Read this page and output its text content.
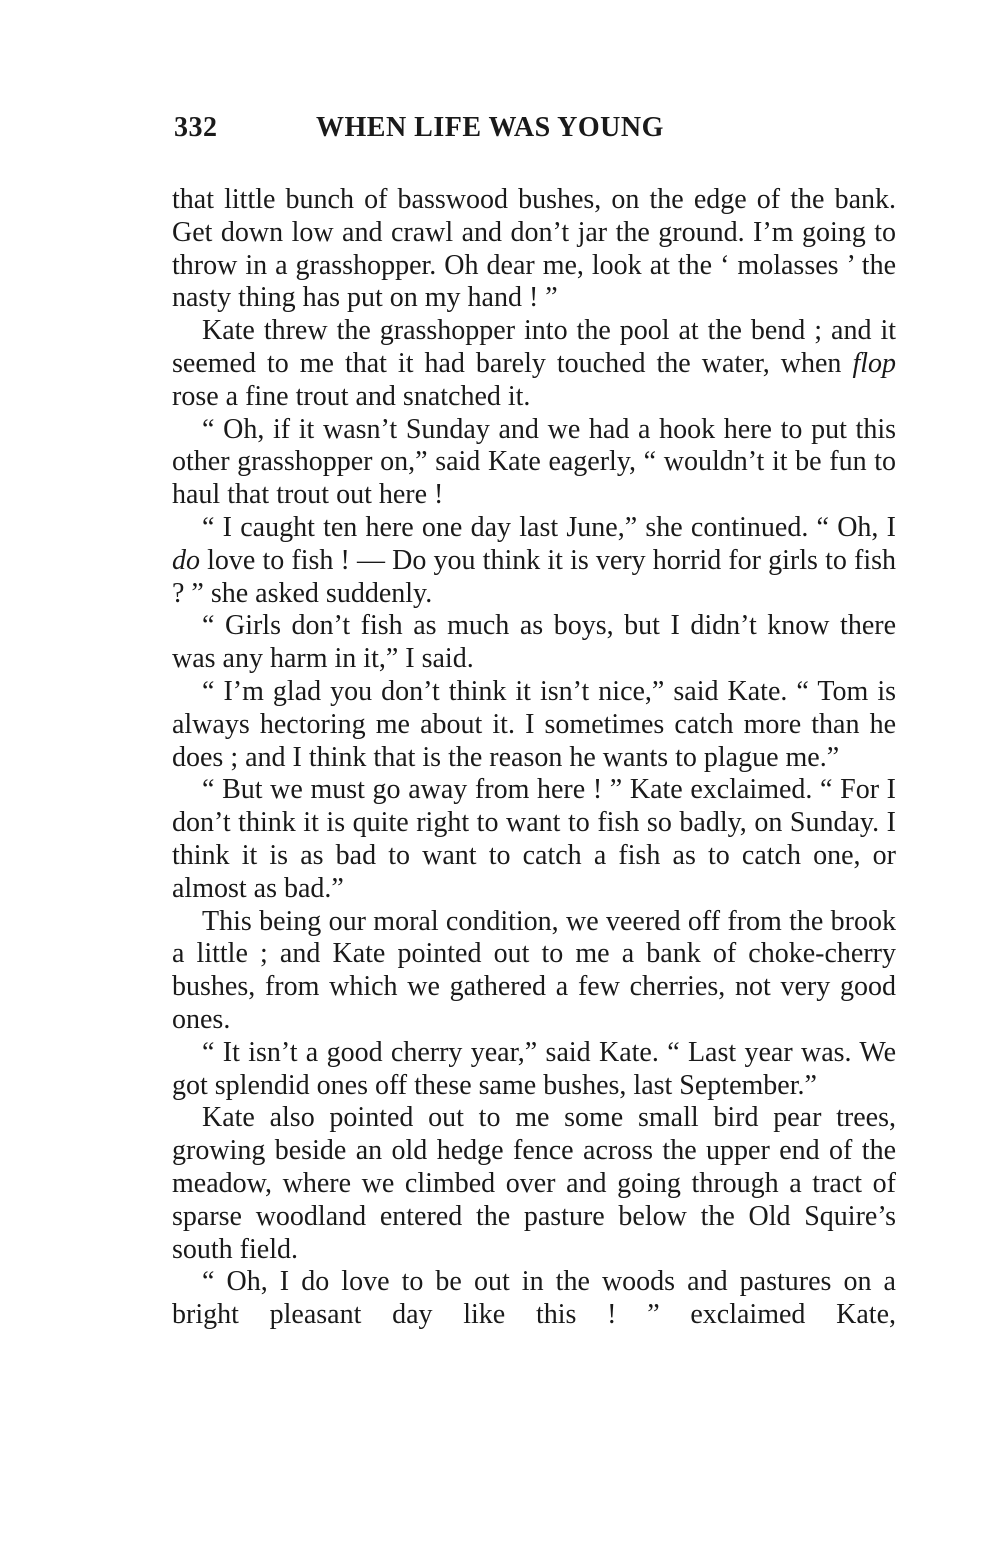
332	WHEN LIFE WAS YOUNG

that little bunch of basswood bushes, on the edge of the bank. Get down low and crawl and don’t jar the ground. I’m going to throw in a grasshopper. Oh dear me, look at the ‘ molasses ’ the nasty thing has put on my hand ! ”

Kate threw the grasshopper into the pool at the bend ; and it seemed to me that it had barely touched the water, when flop rose a fine trout and snatched it.

“ Oh, if it wasn’t Sunday and we had a hook here to put this other grasshopper on,” said Kate eagerly, “ wouldn’t it be fun to haul that trout out here !

“ I caught ten here one day last June,” she continued. “ Oh, I do love to fish ! — Do you think it is very horrid for girls to fish ? ” she asked suddenly.

“ Girls don’t fish as much as boys, but I didn’t know there was any harm in it,” I said.

“ I’m glad you don’t think it isn’t nice,” said Kate. “ Tom is always hectoring me about it. I sometimes catch more than he does ; and I think that is the reason he wants to plague me.”

“ But we must go away from here ! ” Kate exclaimed. “ For I don’t think it is quite right to want to fish so badly, on Sunday. I think it is as bad to want to catch a fish as to catch one, or almost as bad.”

This being our moral condition, we veered off from the brook a little ; and Kate pointed out to me a bank of choke-cherry bushes, from which we gathered a few cherries, not very good ones.

“ It isn’t a good cherry year,” said Kate. “ Last year was. We got splendid ones off these same bushes, last September.”

Kate also pointed out to me some small bird pear trees, growing beside an old hedge fence across the upper end of the meadow, where we climbed over and going through a tract of sparse woodland entered the pasture below the Old Squire’s south field.

“ Oh, I do love to be out in the woods and pastures on a bright pleasant day like this ! ” exclaimed Kate,
